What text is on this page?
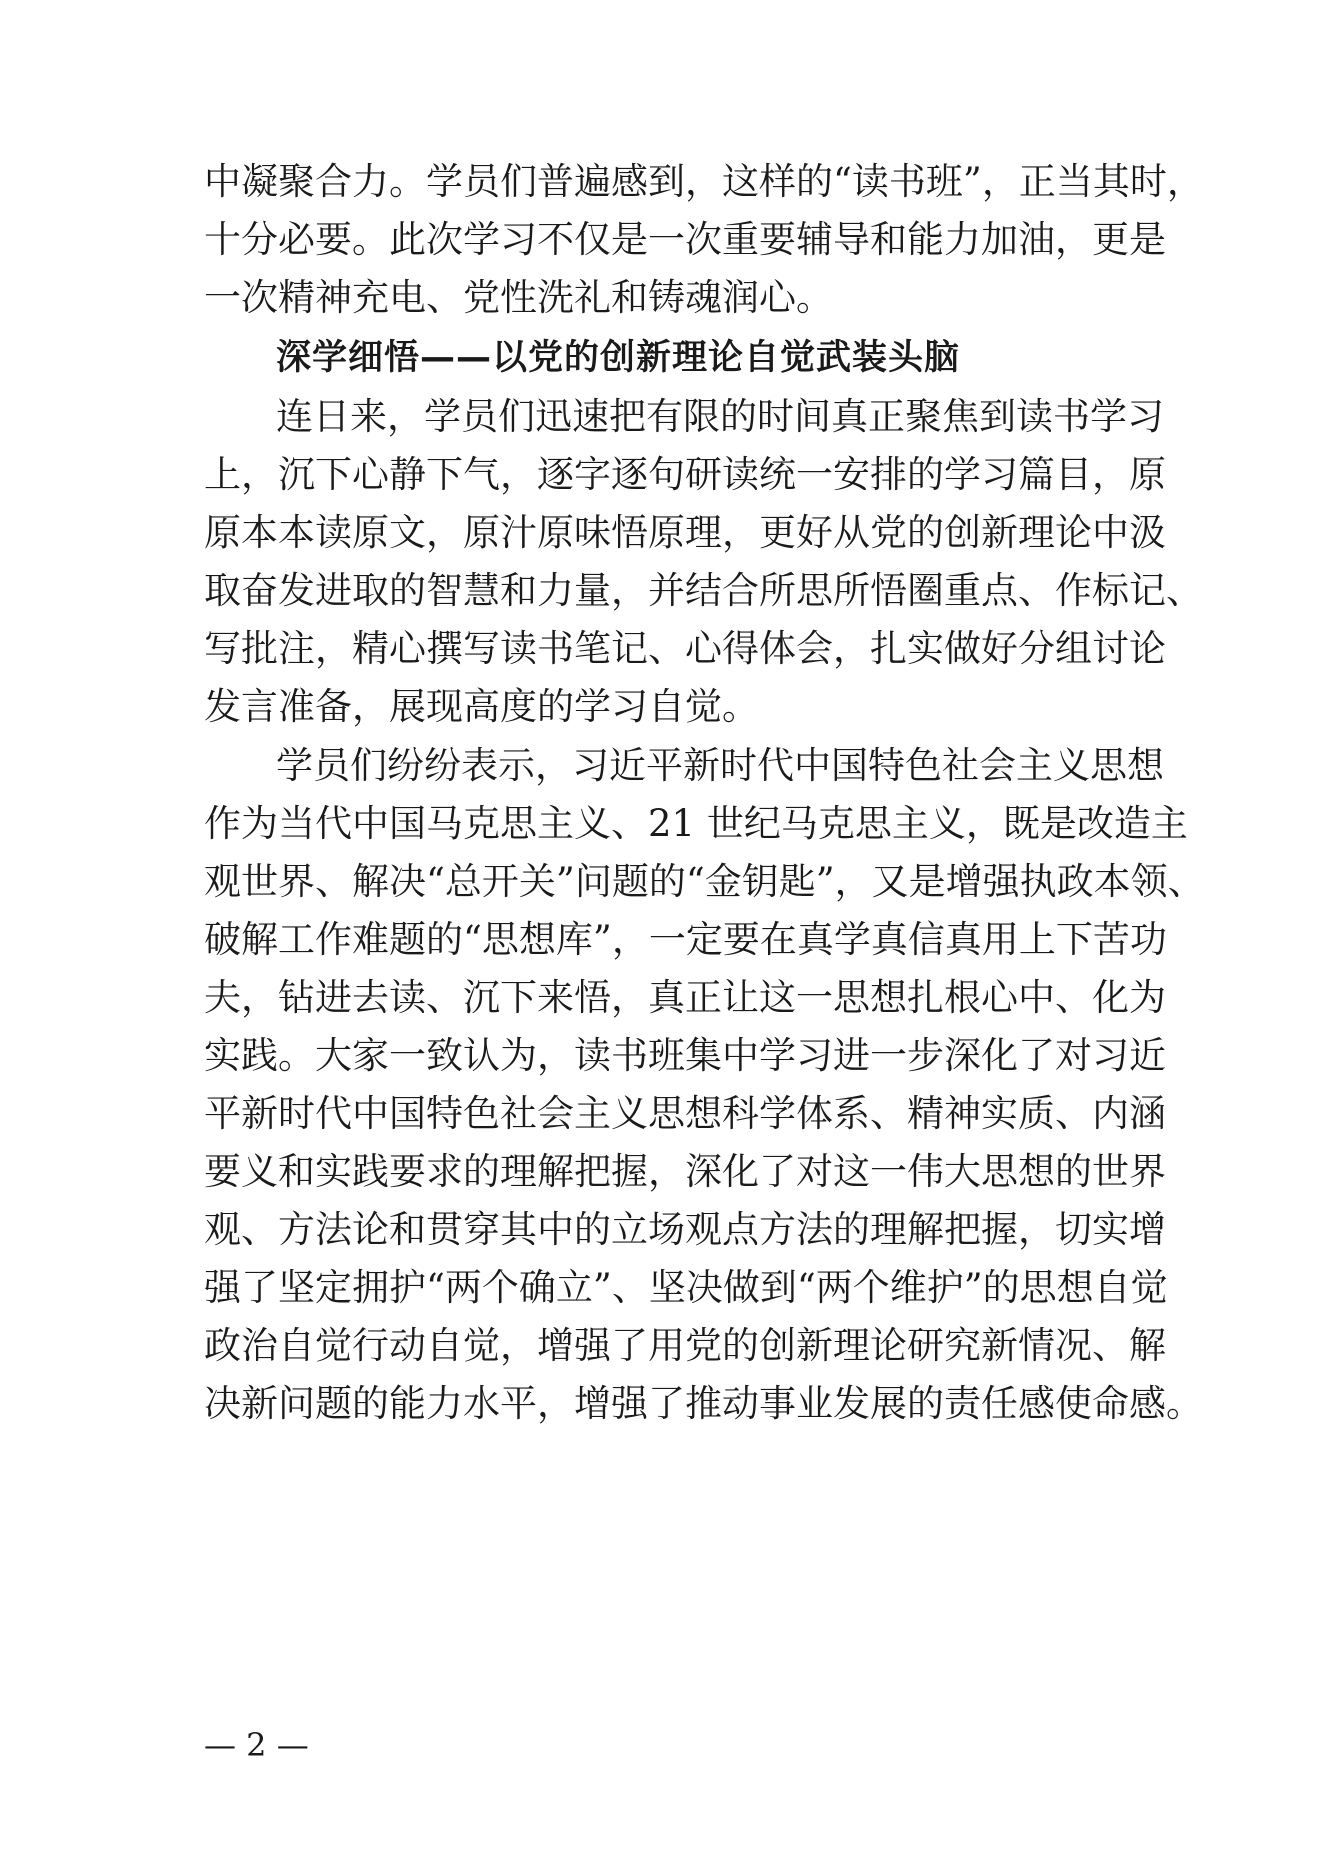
中凝聚合力。学员们普遍感到，这样的“读书班”，正当其时，
十分必要。此次学习不仅是一次重要辅导和能力加油，更是
一次精神充电、党性洗礼和铸魂润心。
深学细悟——以党的创新理论自觉武装头脑
连日来，学员们迅速把有限的时间真正聚焦到读书学习
上，沉下心静下气，逐字逐句研读统一安排的学习篇目，原
原本本读原文，原汁原味悟原理，更好从党的创新理论中汲
取奋发进取的智慧和力量，并结合所思所悟圈重点、作标记、
写批注，精心撰写读书笔记、心得体会，扎实做好分组讨论
发言准备，展现高度的学习自觉。
学员们纷纷表示，习近平新时代中国特色社会主义思想
作为当代中国马克思主义、21 世纪马克思主义，既是改造主
观世界、解决“总开关”问题的“金钥匙”，又是增强执政本领、
破解工作难题的“思想库”，一定要在真学真信真用上下苦功
夫，钻进去读、沉下来悟，真正让这一思想扎根心中、化为
实践。大家一致认为，读书班集中学习进一步深化了对习近
平新时代中国特色社会主义思想科学体系、精神实质、内涵
要义和实践要求的理解把握，深化了对这一伟大思想的世界
观、方法论和贯穿其中的立场观点方法的理解把握，切实增
强了坚定拥护“两个确立”、坚决做到“两个维护”的思想自觉
政治自觉行动自觉，增强了用党的创新理论研究新情况、解
决新问题的能力水平，增强了推动事业发展的责任感使命感。
— 2 —
